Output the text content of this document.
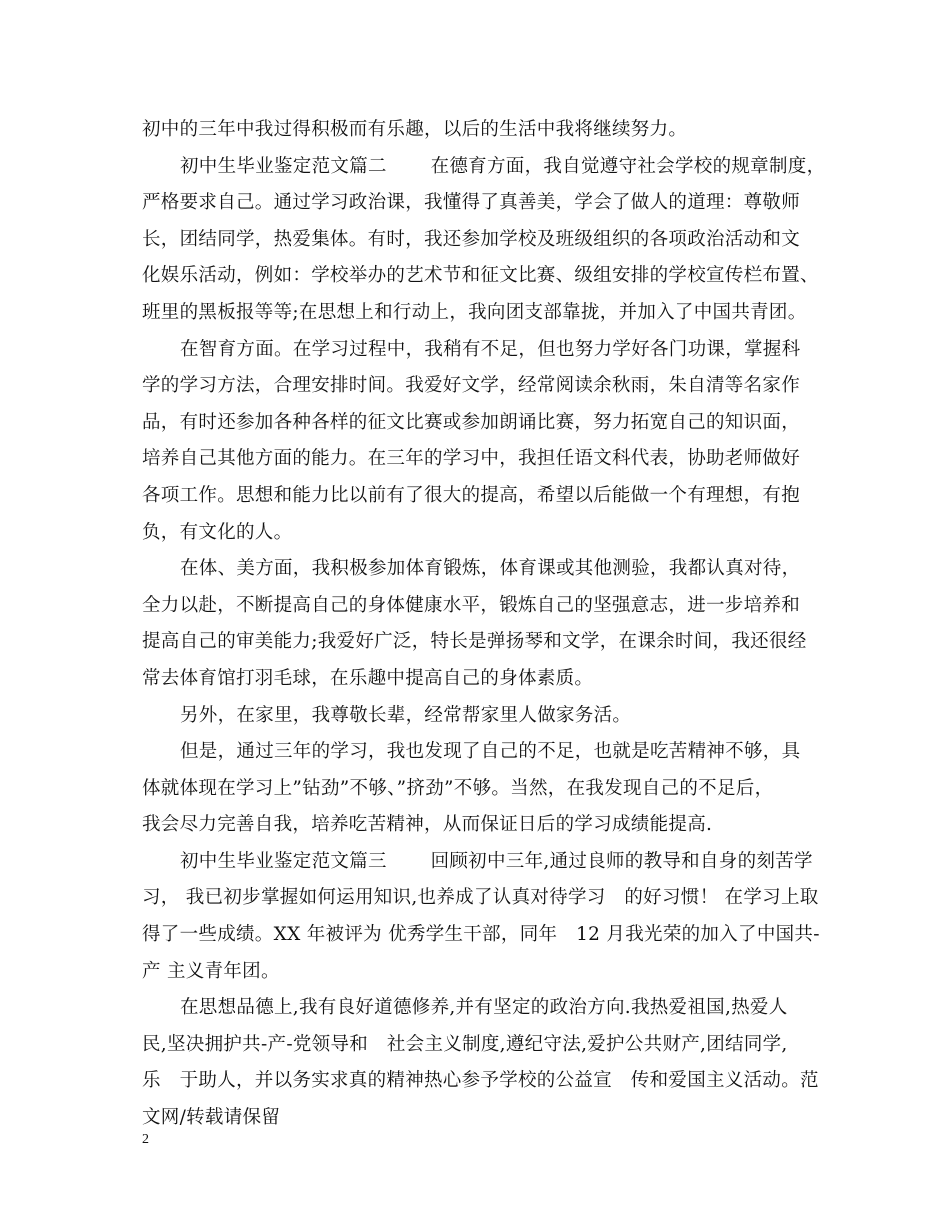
初中的三年中我过得积极而有乐趣，以后的生活中我将继续努力。
初中生毕业鉴定范文篇二　　 在德育方面，我自觉遵守社会学校的规章制度，
严格要求自己。通过学习政治课，我懂得了真善美，学会了做人的道理：尊敬师
长，团结同学，热爱集体。有时，我还参加学校及班级组织的各项政治活动和文
化娱乐活动，例如：学校举办的艺术节和征文比赛、级组安排的学校宣传栏布置、
班里的黑板报等等;在思想上和行动上，我向团支部靠拢，并加入了中国共青团。
在智育方面。在学习过程中，我稍有不足，但也努力学好各门功课，掌握科
学的学习方法，合理安排时间。我爱好文学，经常阅读余秋雨，朱自清等名家作
品，有时还参加各种各样的征文比赛或参加朗诵比赛，努力拓宽自己的知识面，
培养自己其他方面的能力。在三年的学习中，我担任语文科代表，协助老师做好
各项工作。思想和能力比以前有了很大的提高，希望以后能做一个有理想，有抱
负，有文化的人。
在体、美方面，我积极参加体育锻炼，体育课或其他测验，我都认真对待，
全力以赴，不断提高自己的身体健康水平，锻炼自己的坚强意志，进一步培养和
提高自己的审美能力;我爱好广泛，特长是弹扬琴和文学，在课余时间，我还很经
常去体育馆打羽毛球，在乐趣中提高自己的身体素质。
另外，在家里，我尊敬长辈，经常帮家里人做家务活。
但是，通过三年的学习，我也发现了自己的不足，也就是吃苦精神不够，具
体就体现在学习上”钻劲”不够、”挤劲”不够。当然，在我发现自己的不足后，
我会尽力完善自我，培养吃苦精神，从而保证日后的学习成绩能提高.
初中生毕业鉴定范文篇三　　 回顾初中三年,通过良师的教导和自身的刻苦学
习， 我已初步掌握如何运用知识,也养成了认真对待学习　的好习惯！ 在学习上取
得了一些成绩。XX 年被评为 优秀学生干部，同年　12 月我光荣的加入了中国共-
产 主义青年团。
在思想品德上,我有良好道德修养,并有坚定的政治方向.我热爱祖国,热爱人
民,坚决拥护共-产-党领导和　社会主义制度,遵纪守法,爱护公共财产,团结同学,
乐　于助人，并以务实求真的精神热心参予学校的公益宣　传和爱国主义活动。范
文网/转载请保留
2
